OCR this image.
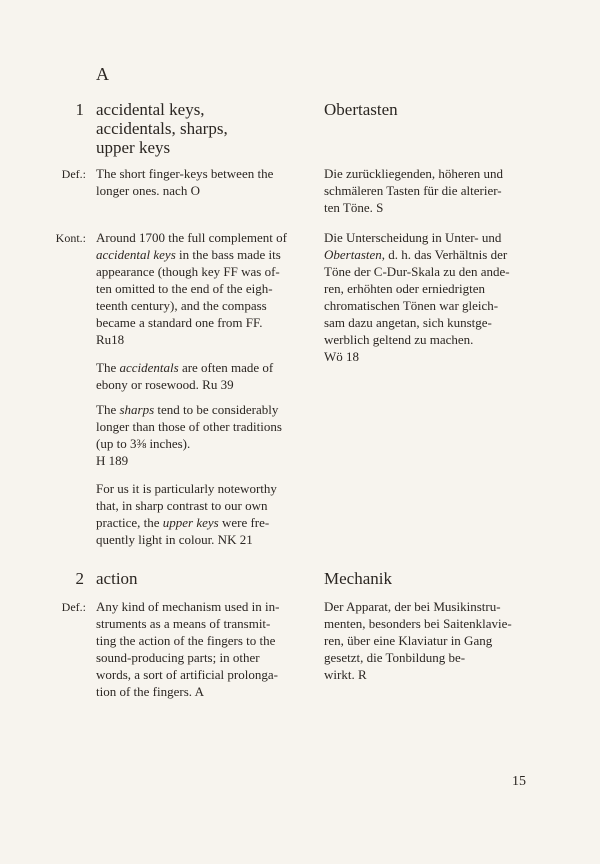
A
1 accidental keys,
accidentals, sharps,
upper keys
Obertasten
Def.: The short finger-keys between the

longer ones. nach O

Die zurückliegenden, höheren und

schmäleren Tasten für die alterier-

ten Töne. S

Kont.: Around 1700 the full complement of

accidental keys in the bass made its

appearance (though key FF was of-

ten omitted to the end of the eigh-

teenth century), and the compass

became a standard one from FF.

Ru18

The accidentals are often made of

ebony or rosewood. Ru 39

The sharps tend to be considerably

longer than those of other traditions

(up to 3⅜ inches).

H 189

For us it is particularly noteworthy

that, in sharp contrast to our own

practice, the upper keys were fre-

quently light in colour. NK 21

Die Unterscheidung in Unter- und

Obertasten, d. h. das Verhältnis der

Töne der C-Dur-Skala zu den ande-

ren, erhöhten oder erniedrigten

chromatischen Tönen war gleich-

sam dazu angetan, sich kunstge-

werblich geltend zu machen.

Wö 18

2 action	Mechanik
Def.: Any kind of mechanism used in in-

struments as a means of transmit-

ting the action of the fingers to the

sound-producing parts; in other

words, a sort of artificial prolonga-

tion of the fingers. A

Der Apparat, der bei Musikinstru-

menten, besonders bei Saitenklavie-

ren, über eine Klaviatur in Gang

gesetzt, die Tonbildung be-

wirkt. R

15
